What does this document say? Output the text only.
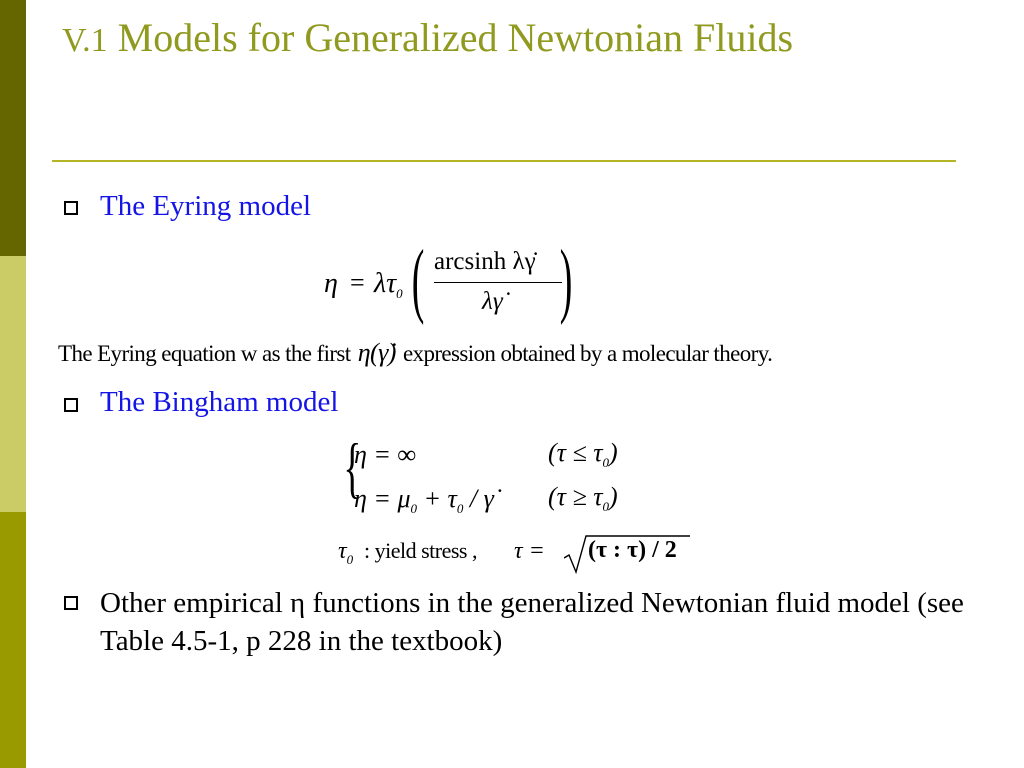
V.1 Models for Generalized Newtonian Fluids
The Eyring model
$\eta = \lambda\tau_0$ ( arcsinh λγ̇
λγ̇ )
The Eyring equation w as the first η(γ̇) expression obtained by a molecular theory.
The Bingham model
{
η = ∞	$(\tau \le \tau_0)$
$\eta = \mu_0 + \tau_0$ / γ̇ $(\tau \ge \tau_0)$
$\tau_0$ : yield stress , τ = (τ : τ) / 2
Other empirical η functions in the generalized Newtonian fluid model (see Table 4.5-1, p 228 in the textbook)
